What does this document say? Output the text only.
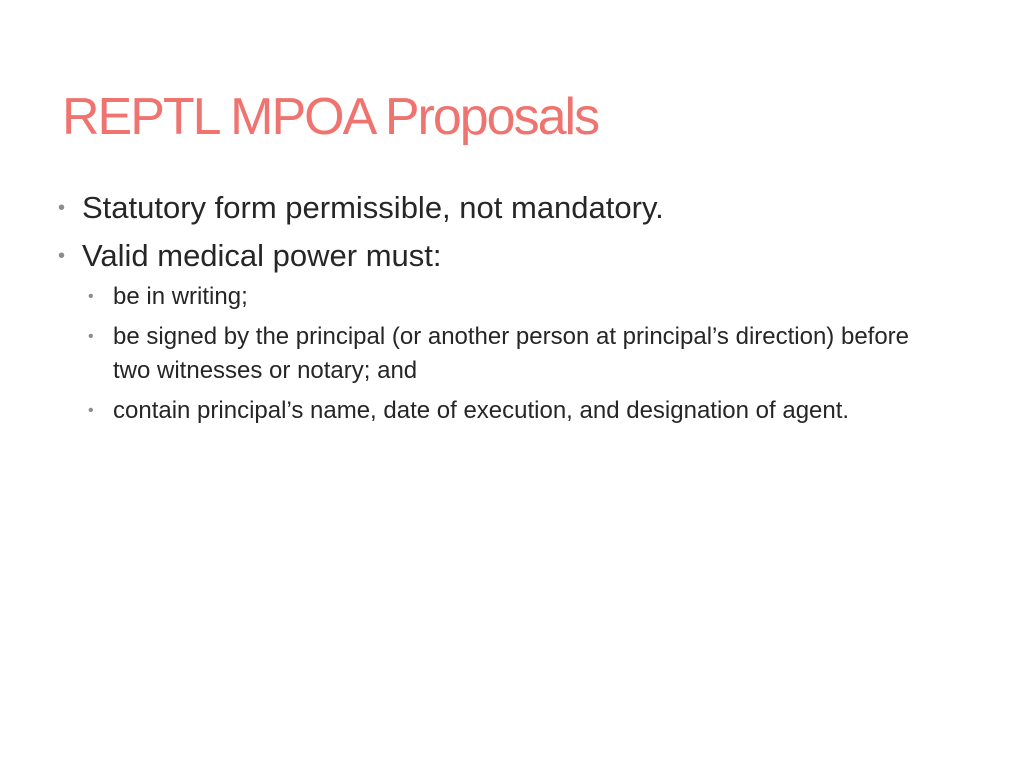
REPTL MPOA Proposals
• Statutory form permissible, not mandatory.
• Valid medical power must:
• be in writing;
• be signed by the principal (or another person at principal’s direction) before two witnesses or notary; and
• contain principal’s name, date of execution, and designation of agent.
